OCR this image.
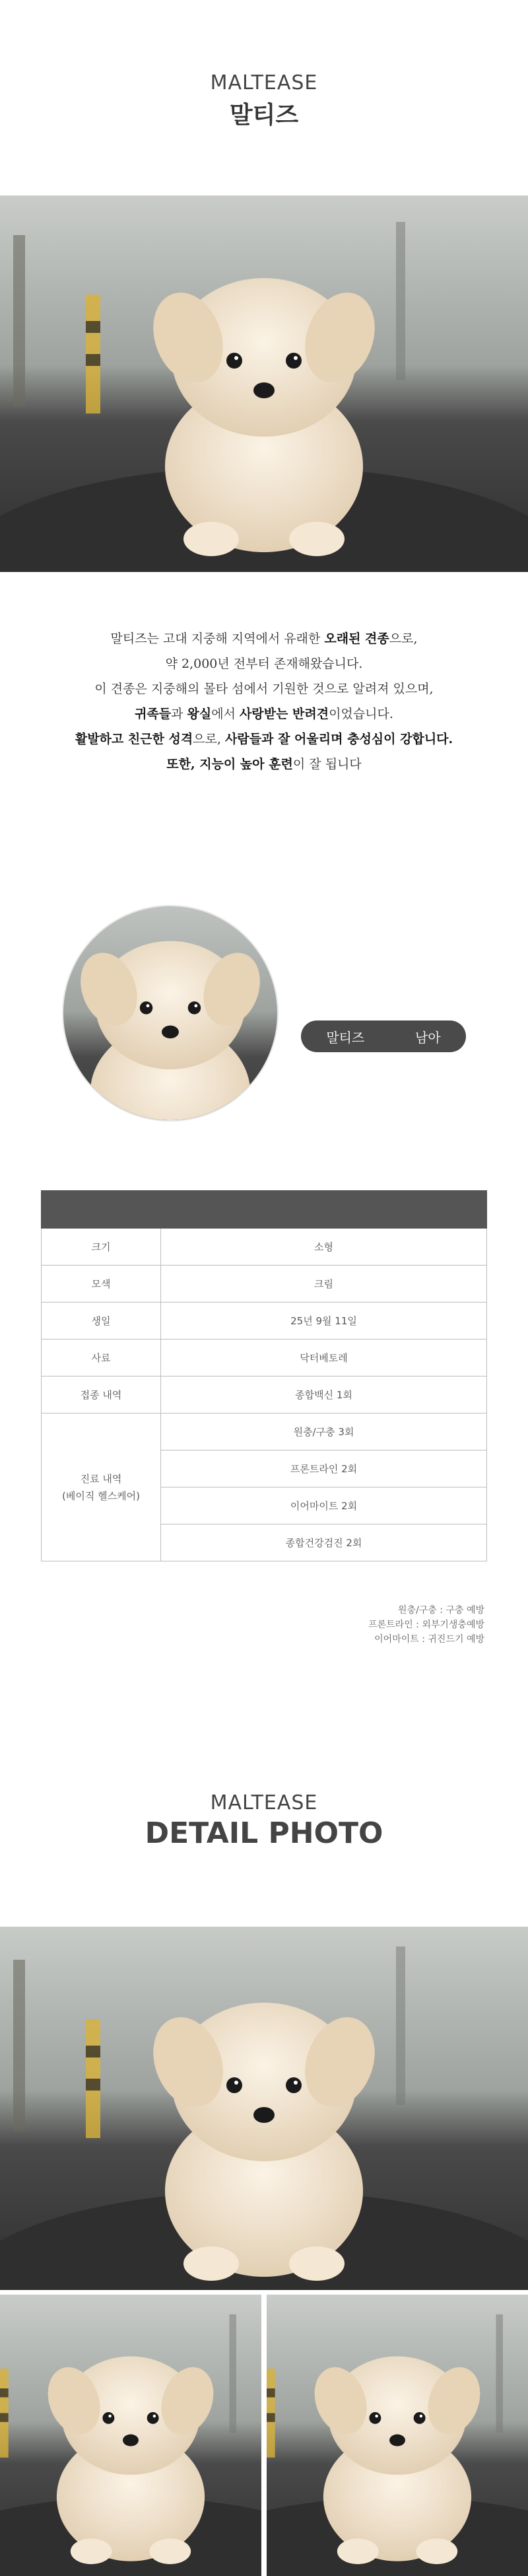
MALTEASE
말티즈
말티즈는 고대 지중해 지역에서 유래한 오래된 견종으로,
약 2,000년 전부터 존재해왔습니다.
이 견종은 지중해의 몰타 섬에서 기원한 것으로 알려져 있으며,
귀족들과 왕실에서 사랑받는 반려견이었습니다.
활발하고 친근한 성격으로, 사람들과 잘 어울리며 충성심이 강합니다.
또한, 지능이 높아 훈련이 잘 됩니다
말티즈	남아

크기	소형
모색	크림
생일	25년 9월 11일
사료	닥터베토레
접종 내역	종합백신 1회
진료 내역
(베이직 헬스케어)	원충/구충 3회
	프론트라인 2회
	이어마이트 2회
	종합건강검진 2회
원충/구충 : 구충 예방
프론트라인 : 외부기생충예방
이어마이트 : 귀진드기 예방
MALTEASE
DETAIL PHOTO
